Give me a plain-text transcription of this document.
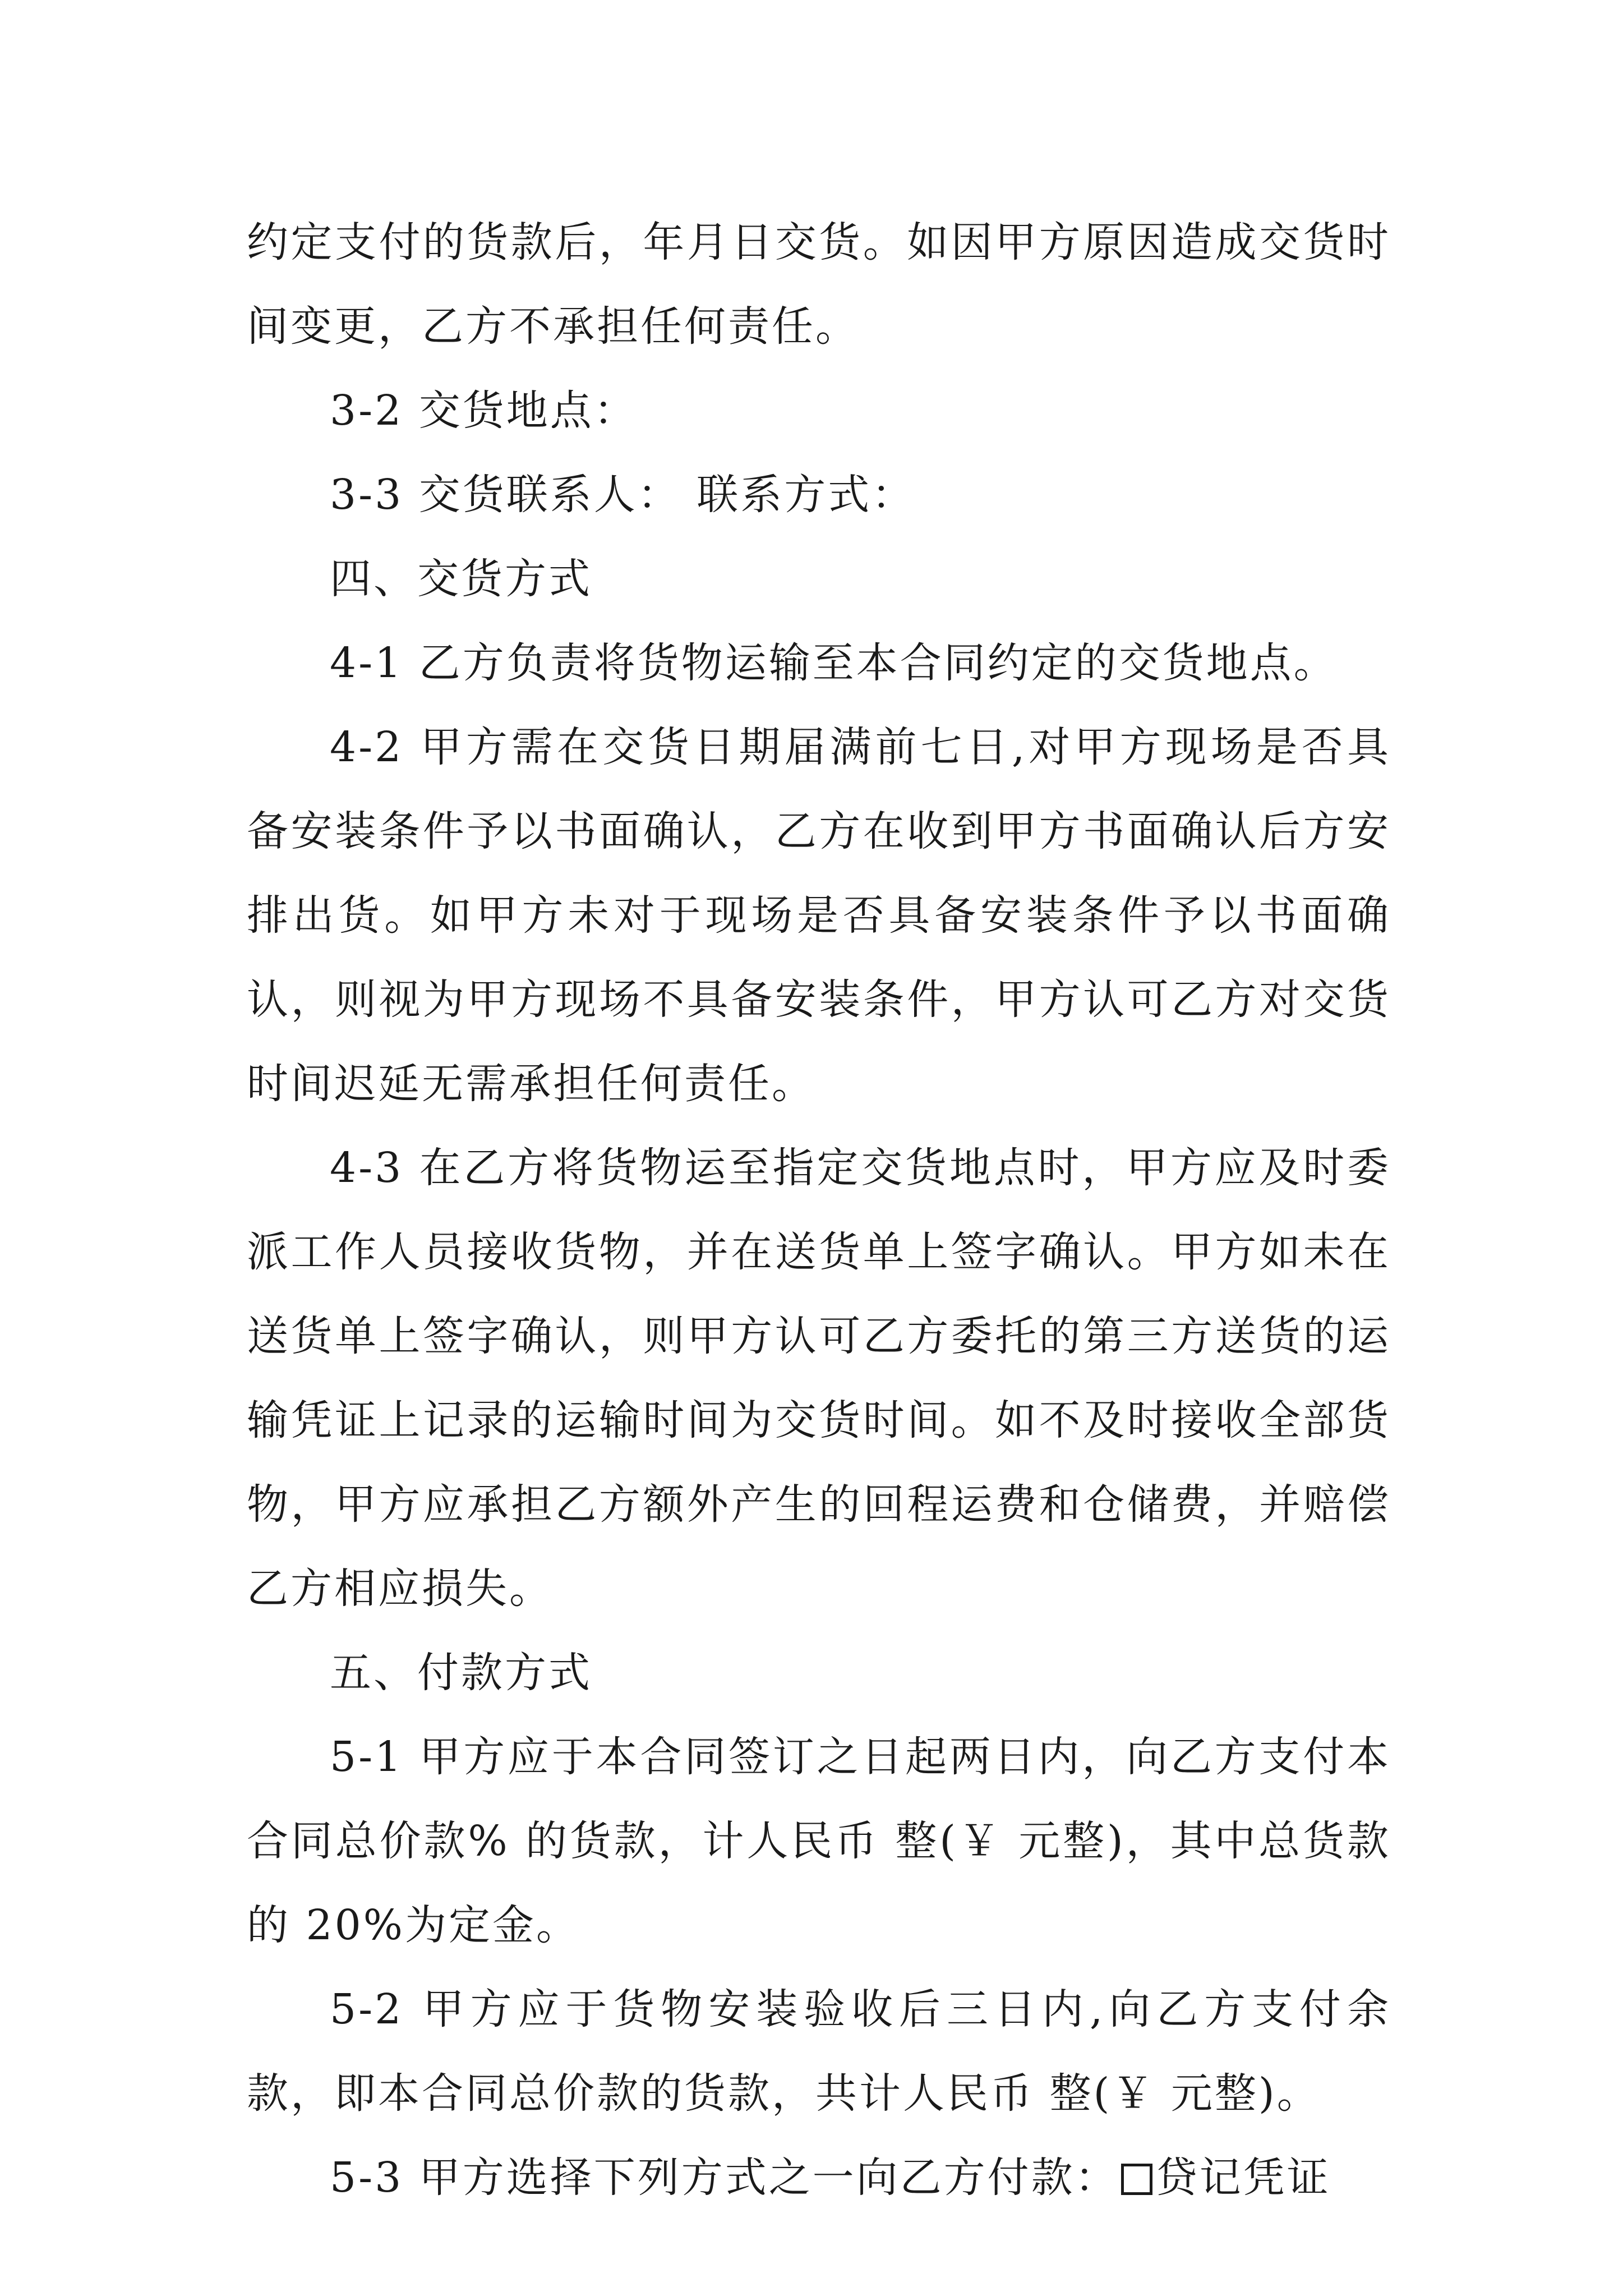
约定支付的货款后，年月日交货。如因甲方原因造成交货时间变更，乙方不承担任何责任。

3-2 交货地点：

3-3 交货联系人： 联系方式：

四、交货方式

4-1 乙方负责将货物运输至本合同约定的交货地点。

4-2 甲方需在交货日期届满前七日,对甲方现场是否具备安装条件予以书面确认，乙方在收到甲方书面确认后方安排出货。如甲方未对于现场是否具备安装条件予以书面确认，则视为甲方现场不具备安装条件，甲方认可乙方对交货时间迟延无需承担任何责任。

4-3 在乙方将货物运至指定交货地点时，甲方应及时委派工作人员接收货物，并在送货单上签字确认。甲方如未在送货单上签字确认，则甲方认可乙方委托的第三方送货的运输凭证上记录的运输时间为交货时间。如不及时接收全部货物，甲方应承担乙方额外产生的回程运费和仓储费，并赔偿乙方相应损失。

五、付款方式

5-1 甲方应于本合同签订之日起两日内，向乙方支付本合同总价款% 的货款，计人民币 整(￥ 元整)，其中总货款的 20%为定金。

5-2 甲方应于货物安装验收后三日内,向乙方支付余款，即本合同总价款的货款，共计人民币 整(￥ 元整)。

5-3 甲方选择下列方式之一向乙方付款： 贷记凭证
